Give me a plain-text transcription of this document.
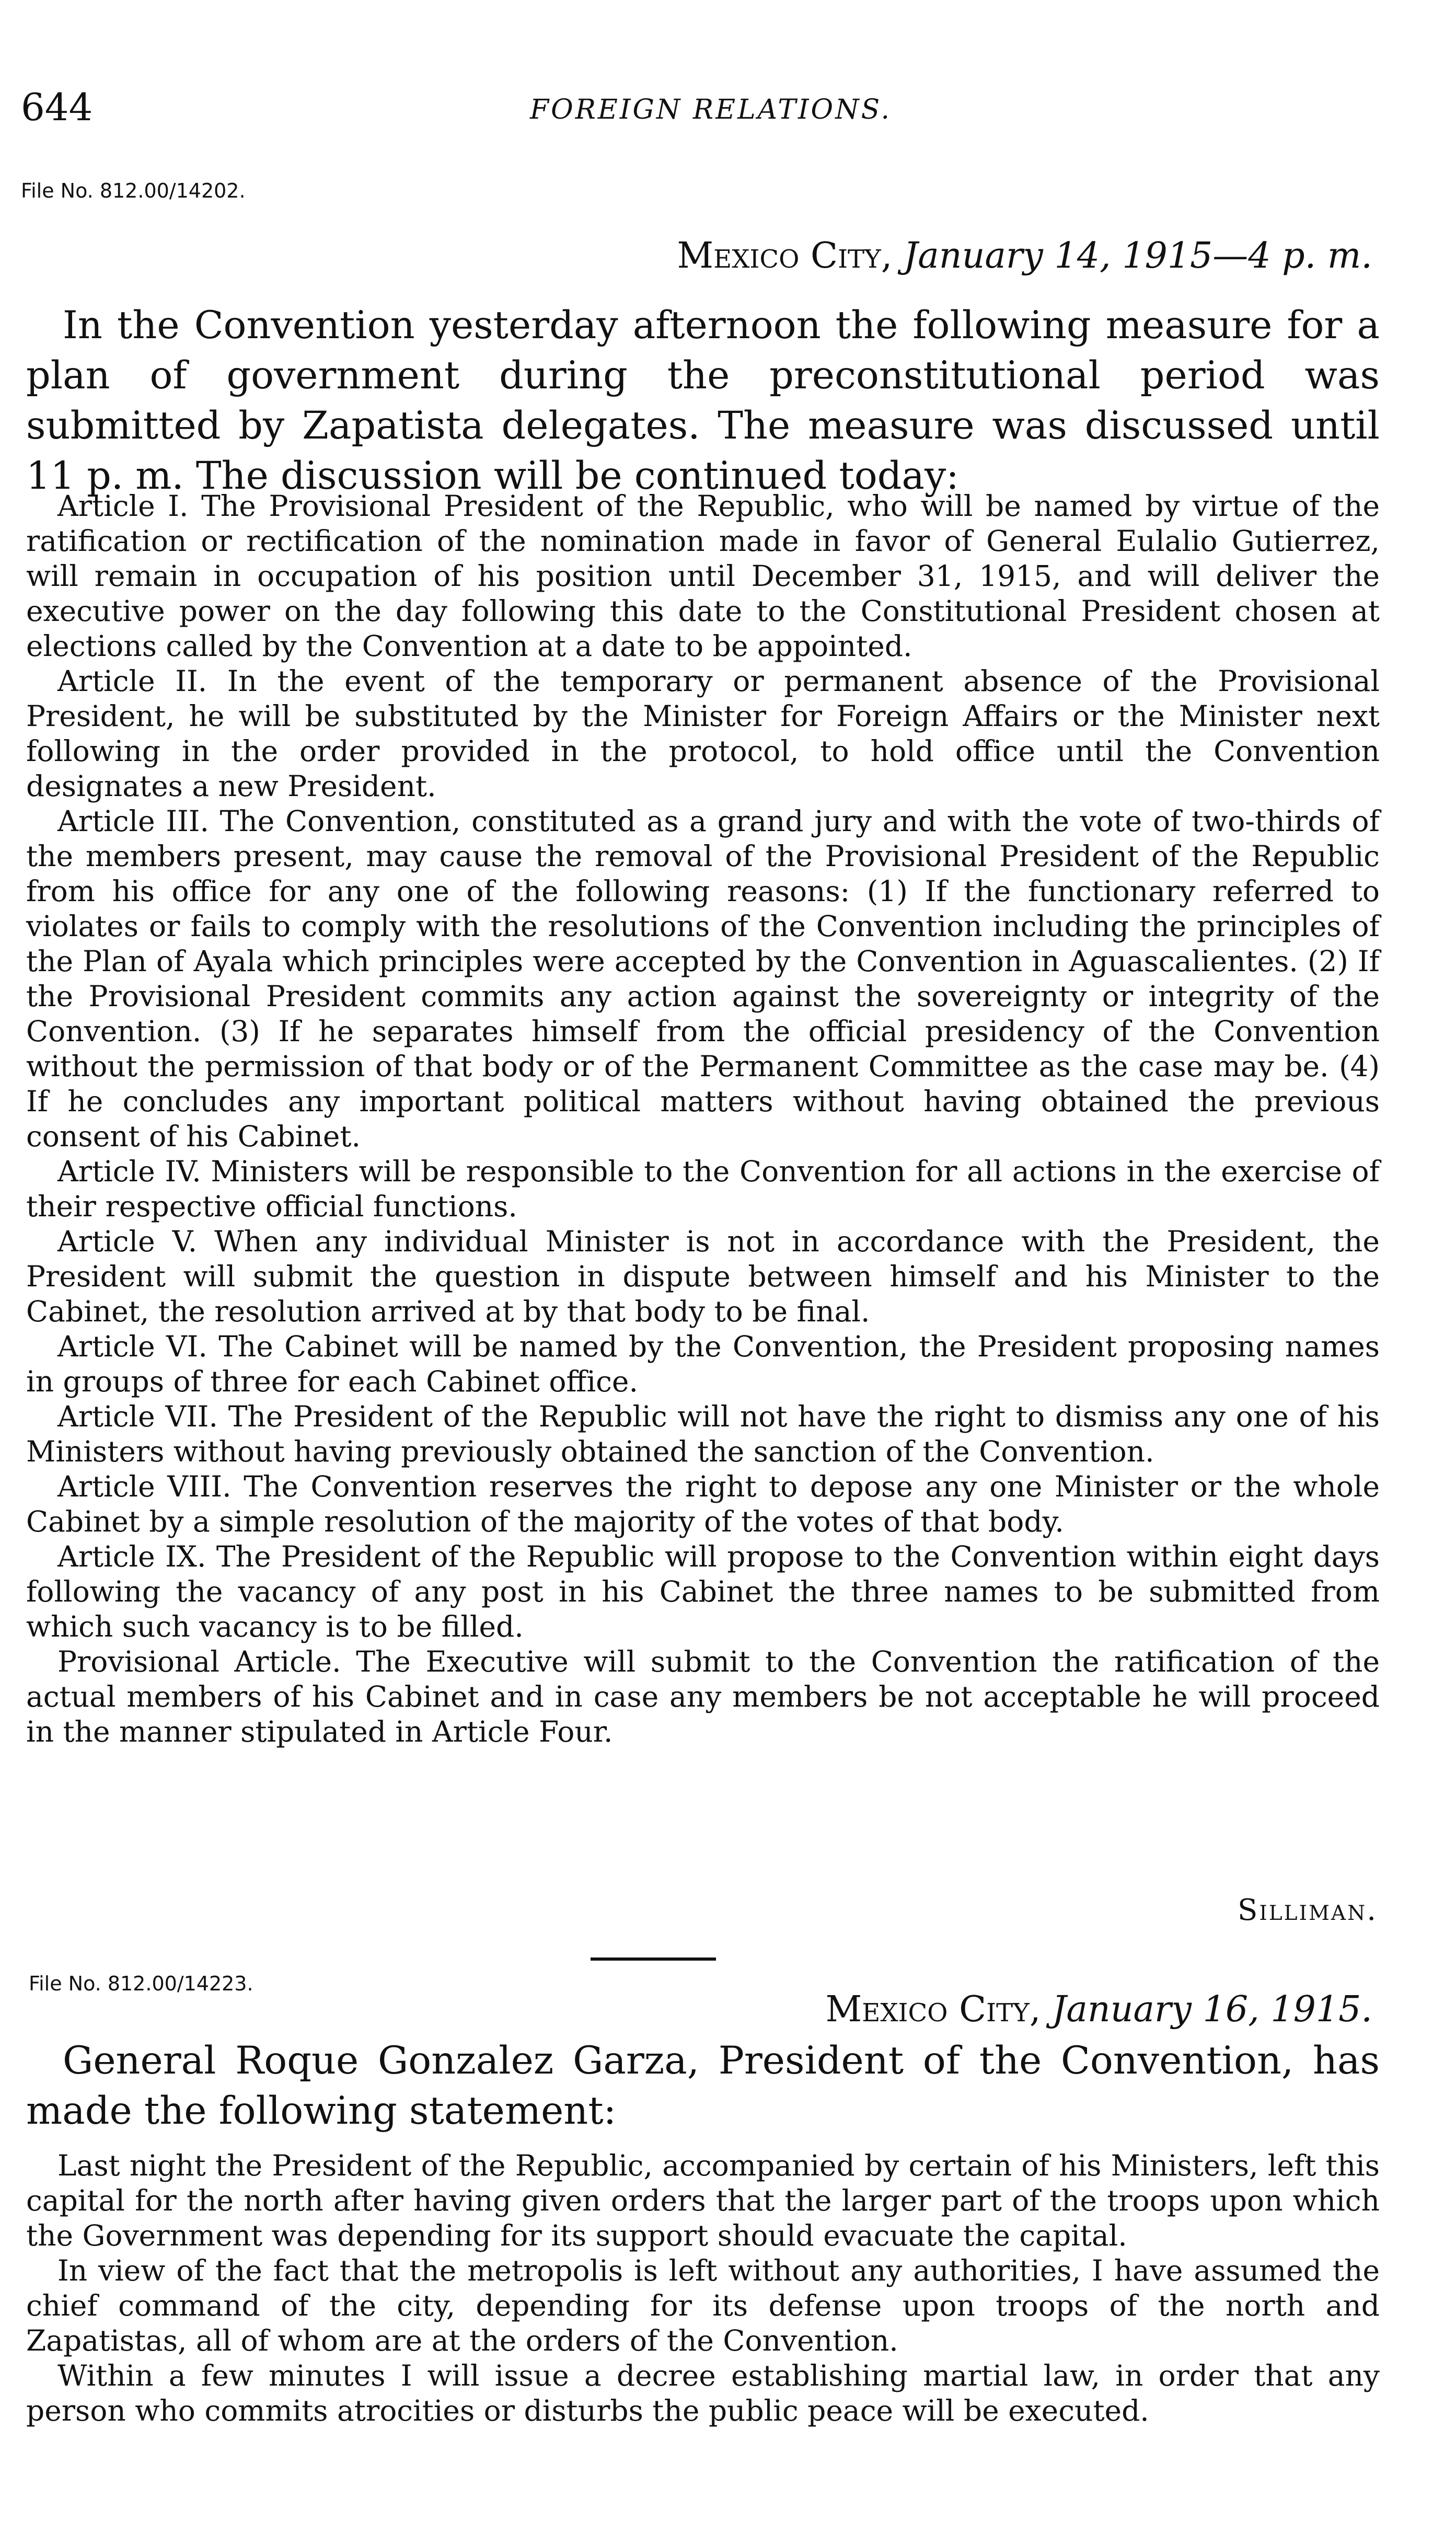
644	FOREIGN RELATIONS.
File No. 812.00/14202.
Mexico City, January 14, 1915—4 p. m.

In the Convention yesterday afternoon the following measure for a plan of government during the preconstitutional period was submitted by Zapatista delegates. The measure was discussed until 11 p. m. The discussion will be continued today:

Article I. The Provisional President of the Republic, who will be named by virtue of the ratification or rectification of the nomination made in favor of General Eulalio Gutierrez, will remain in occupation of his position until December 31, 1915, and will deliver the executive power on the day following this date to the Constitutional President chosen at elections called by the Convention at a date to be appointed.

Article II. In the event of the temporary or permanent absence of the Provisional President, he will be substituted by the Minister for Foreign Affairs or the Minister next following in the order provided in the protocol, to hold office until the Convention designates a new President.

Article III. The Convention, constituted as a grand jury and with the vote of two-thirds of the members present, may cause the removal of the Provisional President of the Republic from his office for any one of the following reasons: (1) If the functionary referred to violates or fails to comply with the resolutions of the Convention including the principles of the Plan of Ayala which principles were accepted by the Convention in Aguascalientes. (2) If the Provisional President commits any action against the sovereignty or integrity of the Convention. (3) If he separates himself from the official presidency of the Convention without the permission of that body or of the Permanent Committee as the case may be. (4) If he concludes any important political matters without having obtained the previous consent of his Cabinet.

Article IV. Ministers will be responsible to the Convention for all actions in the exercise of their respective official functions.

Article V. When any individual Minister is not in accordance with the President, the President will submit the question in dispute between himself and his Minister to the Cabinet, the resolution arrived at by that body to be final.

Article VI. The Cabinet will be named by the Convention, the President proposing names in groups of three for each Cabinet office.

Article VII. The President of the Republic will not have the right to dismiss any one of his Ministers without having previously obtained the sanction of the Convention.

Article VIII. The Convention reserves the right to depose any one Minister or the whole Cabinet by a simple resolution of the majority of the votes of that body.

Article IX. The President of the Republic will propose to the Convention within eight days following the vacancy of any post in his Cabinet the three names to be submitted from which such vacancy is to be filled.

Provisional Article. The Executive will submit to the Convention the ratification of the actual members of his Cabinet and in case any members be not acceptable he will proceed in the manner stipulated in Article Four.

Silliman.
File No. 812.00/14223.
Mexico City, January 16, 1915.

General Roque Gonzalez Garza, President of the Convention, has made the following statement:

Last night the President of the Republic, accompanied by certain of his Ministers, left this capital for the north after having given orders that the larger part of the troops upon which the Government was depending for its support should evacuate the capital.

In view of the fact that the metropolis is left without any authorities, I have assumed the chief command of the city, depending for its defense upon troops of the north and Zapatistas, all of whom are at the orders of the Convention.

Within a few minutes I will issue a decree establishing martial law, in order that any person who commits atrocities or disturbs the public peace will be executed.
